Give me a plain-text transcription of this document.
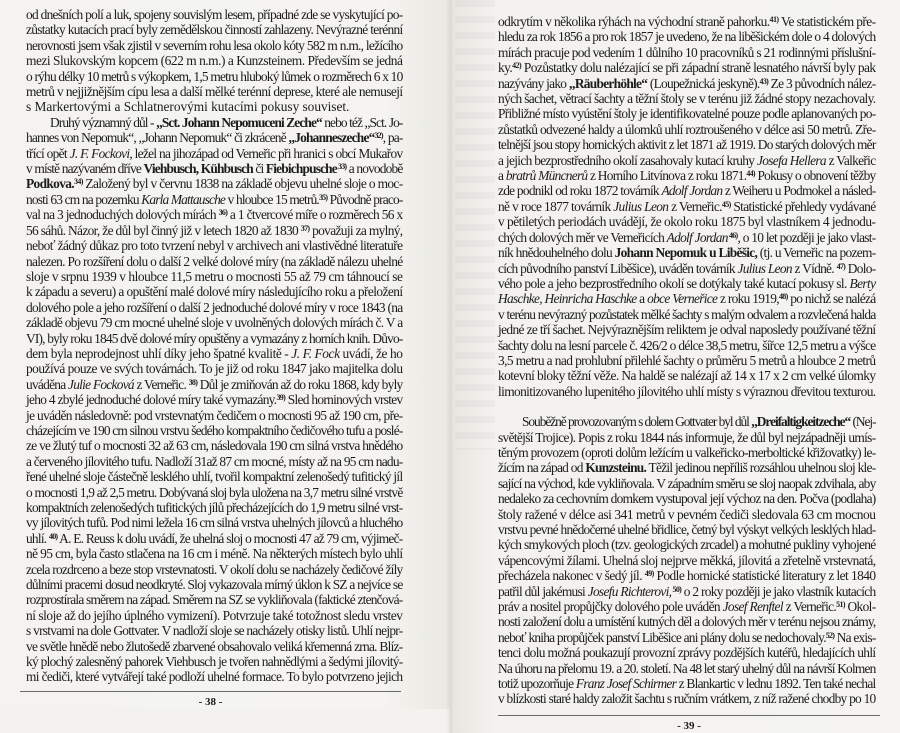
od dnešních polí a luk, spojeny souvislým lesem, případné zde se vyskytující po-
zůstatky kutacích prací byly zemědělskou činností zahlazeny. Nevýrazné terénní
nerovnosti jsem však zjistil v severním rohu lesa okolo kóty 582 m n.m., ležícího
mezi Slukovským kopcem (622 m n.m.) a Kunzsteinem. Především se jedná
o rýhu délky 10 metrů s výkopkem, 1,5 metru hluboký lůmek o rozměrech 6 x 10
metrů v nejjižnějším cípu lesa a další mělké terénní deprese, které ale nemusejí
s Markertovými a Schlatnerovými kutacími pokusy souviset.

Druhý významný důl - „Sct. Johann Nepomuceni Zeche“ nebo též „Sct. Jo-
hannes von Nepomuk“, „Johann Nepomuk“ či zkráceně „Johanneszeche“$^{32)}$, pa-
třící opět J. F. Fockovi, ležel na jihozápad od Verneřic při hranici s obcí Mukařov
v místě nazývaném dříve Viehbusch, Kühbusch či Fiebichpusche $^{33)}$ a novodobě
Podkova.$^{34)}$ Založený byl v červnu 1838 na základě objevu uhelné sloje o moc-
nosti 63 cm na pozemku Karla Mattausche v hloubce 15 metrů.$^{35)}$ Původně praco-
val na 3 jednoduchých dolových mírách $^{36)}$ a 1 čtvercové míře o rozměrech 56 x
56 sáhů. Názor, že důl byl činný již v letech 1820 až 1830 $^{37)}$ považuji za mylný,
neboť žádný důkaz pro toto tvrzení nebyl v archivech ani vlastivědné literatuře
nalezen. Po rozšíření dolu o další 2 velké dolové míry (na základě nálezu uhelné
sloje v srpnu 1939 v hloubce 11,5 metru o mocnosti 55 až 79 cm táhnoucí se
k západu a severu) a opuštění malé dolové míry následujícího roku a přeložení
dolového pole a jeho rozšíření o další 2 jednoduché dolové míry v roce 1843 (na
základě objevu 79 cm mocné uhelné sloje v uvolněných dolových mírách č. V a
VI), byly roku 1845 dvě dolové míry opuštěny a vymazány z horních knih. Důvo-
dem byla neprodejnost uhlí díky jeho špatné kvalitě - J. F. Fock uvádí, že ho
používá pouze ve svých továrnách. To je již od roku 1847 jako majitelka dolu
uváděna Julie Focková z Verneřic. $^{38)}$ Důl je zmiňován až do roku 1868, kdy byly
jeho 4 zbylé jednoduché dolové míry také vymazány.$^{39)}$ Sled horninových vrstev
je uváděn následovně: pod vrstevnatým čedičem o mocnosti 95 až 190 cm, pře-
cházejícím ve 190 cm silnou vrstvu šedého kompaktního čedičového tufu a poslé-
ze ve žlutý tuf o mocnosti 32 až 63 cm, následovala 190 cm silná vrstva hnědého
a červeného jílovitého tufu. Nadloží 31až 87 cm mocné, místy až na 95 cm nadu-
řené uhelné sloje částečně lesklého uhlí, tvořil kompaktní zelenošedý tufitický jíl
o mocnosti 1,9 až 2,5 metru. Dobývaná sloj byla uložena na 3,7 metru silné vrstvě
kompaktních zelenošedých tufitických jílů přecházejících do 1,9 metru silné vrst-
vy jílovitých tufů. Pod nimi ležela 16 cm silná vrstva uhelných jílovců a hluchého
uhlí. $^{40)}$ A. E. Reuss k dolu uvádí, že uhelná sloj o mocnosti 47 až 79 cm, výjimeč-
ně 95 cm, byla často stlačena na 16 cm i méně. Na některých místech bylo uhlí
zcela rozdrceno a beze stop vrstevnatosti. V okolí dolu se nacházely čedičové žíly
důlními pracemi dosud neodkryté. Sloj vykazovala mírný úklon k SZ a nejvíce se
rozprostírala směrem na západ. Směrem na SZ se vykliňovala (faktické ztenčová-
ní sloje až do jejího úplného vymizení). Potvrzuje také totožnost sledu vrstev
s vrstvami na dole Gottvater. V nadloží sloje se nacházely otisky listů. Uhlí nejpr-
ve světle hnědě nebo žlutošedě zbarvené obsahovalo veliká křemenná zrna. Blíz-
ký plochý zalesněný pahorek Viehbusch je tvořen nahnědlými a šedými jílovitý-
mi čediči, které vytvářejí také podloží uhelné formace. To bylo potvrzeno jejich

- 38 -

odkrytím v několika rýhách na východní straně pahorku.$^{41)}$ Ve statistickém pře-
hledu za rok 1856 a pro rok 1857 je uvedeno, že na liběšickém dole o 4 dolových
mírách pracuje pod vedením 1 důlního 10 pracovníků s 21 rodinnými příslušní-
ky.$^{42)}$ Pozůstatky dolu nalézající se při západní straně lesnatého návrší byly pak
nazývány jako „Räuberhöhle“ (Loupežnická jeskyně).$^{43)}$ Ze 3 původních nález-
ných šachet, větrací šachty a těžní štoly se v terénu již žádné stopy nezachovaly.
Přibližné místo vyústění štoly je identifikovatelné pouze podle aplanovaných po-
zůstatků odvezené haldy a úlomků uhlí roztroušeného v délce asi 50 metrů. Zře-
telnější jsou stopy hornických aktivit z let 1871 až 1919. Do starých dolových měr
a jejich bezprostředního okolí zasahovaly kutací kruhy Josefa Hellera z Valkeřic
a bratrů Müncnerů z Horního Litvínova z roku 1871.$^{44)}$ Pokusy o obnovení těžby
zde podnikl od roku 1872 továrník Adolf Jordan z Weiheru u Podmokel a násled-
ně v roce 1877 továrník Julius Leon z Verneřic.$^{45)}$ Statistické přehledy vydávané
v pětiletých periodách uvádějí, že okolo roku 1875 byl vlastníkem 4 jednodu-
chých dolových měr ve Verneřicích Adolf Jordan $^{46)}$, o 10 let později je jako vlast-
ník hnědouhelného dolu Johann Nepomuk u Liběšic, (tj. u Verneřic na pozem-
cích původního panství Liběšice), uváděn továrník Julius Leon z Vídně. $^{47)}$ Dolo-
vého pole a jeho bezprostředního okolí se dotýkaly také kutací pokusy sl. Berty
Haschke, Heinricha Haschke a obce Verneřice z roku 1919,$^{48)}$ po nichž se nalézá
v terénu nevýrazný pozůstatek mělké šachty s malým odvalem a rozvlečená halda
jedné ze tří šachet. Nejvýraznějším reliktem je odval naposledy používané těžní
šachty dolu na lesní parcele č. 426/2 o délce 38,5 metru, šířce 12,5 metru a výšce
3,5 metru a nad prohlubní přilehlé šachty o průměru 5 metrů a hloubce 2 metrů
kotevní bloky těžní věže. Na haldě se nalézají až 14 x 17 x 2 cm velké úlomky
limonitizovaného lupenitého jílovitého uhlí místy s výraznou dřevitou texturou.

Souběžně provozovaným s dolem Gottvater byl důl „Dreifaltigkeitzeche“ (Nej-
světější Trojice). Popis z roku 1844 nás informuje, že důl byl nejzápadněji umís-
těným provozem (oproti dolům ležícím u valkeřicko-merboltické křižovatky) le-
žícím na západ od Kunzsteinu. Těžil jedinou nepříliš rozsáhlou uhelnou sloj kle-
sající na východ, kde vykliňovala. V západním směru se sloj naopak zdvihala, aby
nedaleko za cechovním domkem vystupoval její výchoz na den. Počva (podlaha)
štoly ražené v délce asi 341 metrů v pevném čediči sledovala 63 cm mocnou
vrstvu pevné hnědočerné uhelné břidlice, četný byl výskyt velkých lesklých hlad-
kých smykových ploch (tzv. geologických zrcadel) a mohutné pukliny vyhojené
vápencovými žílami. Uhelná sloj nejprve měkká, jílovitá a zřetelně vrstevnatá,
přecházela nakonec v šedý jíl. $^{49)}$ Podle hornické statistické literatury z let 1840
patřil důl jakémusi Josefu Richterovi, $^{50)}$ o 2 roky později je jako vlastník kutacích
práv a nositel propůjčky dolového pole uváděn Josef Renftel z Verneřic.$^{51)}$ Okol-
nosti založení dolu a umístění kutných děl a dolových měr v terénu nejsou známy,
neboť kniha propůjček panství Liběšice ani plány dolu se nedochovaly.$^{52)}$ Na exis-
tenci dolu možná poukazují provozní zprávy pozdějších kutéřů, hledajících uhlí
Na úhoru na přelomu 19. a 20. století. Na 48 let starý uhelný důl na návrší Kolmen
totiž upozorňuje Franz Josef Schirmer z Blankartic v lednu 1892. Ten také nechal
v blízkosti staré haldy založit šachtu s ručním vrátkem, z níž ražené chodby po 10

- 39 -
